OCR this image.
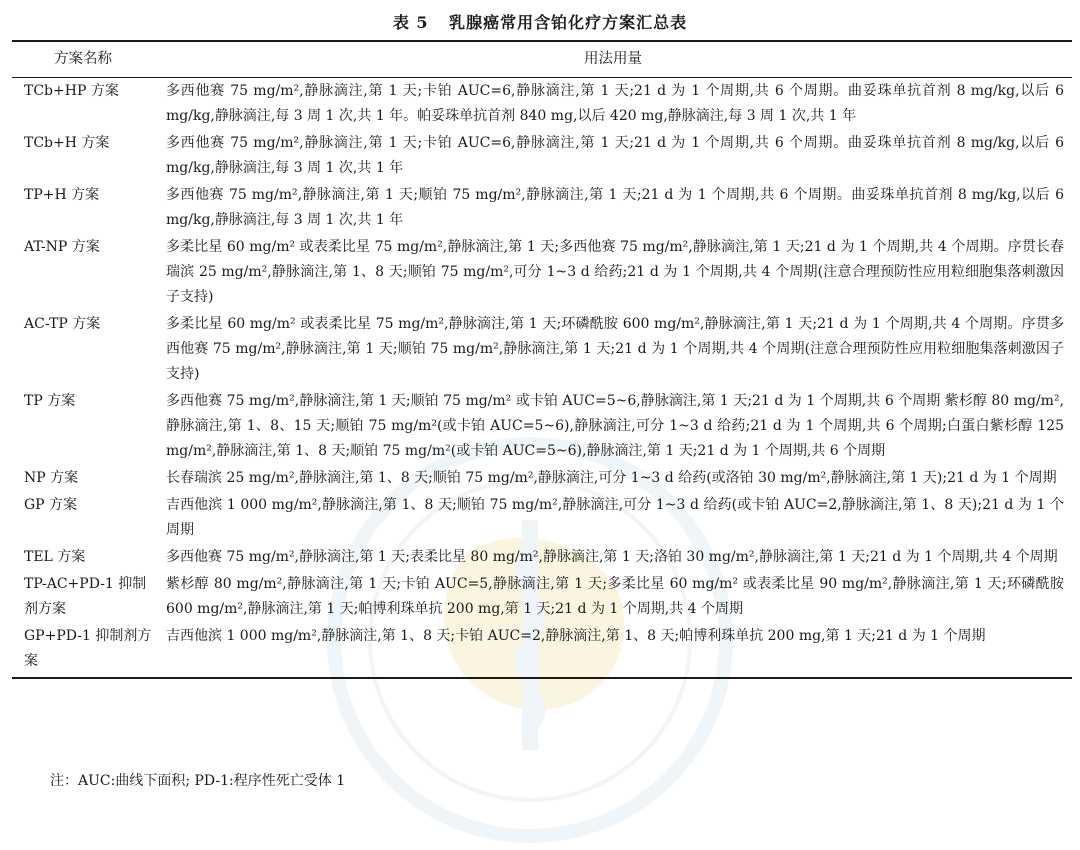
表 5 乳腺癌常用含铂化疗方案汇总表
方案名称	用法用量
TCb+HP 方案	多西他赛 75 mg/m²,静脉滴注,第 1 天;卡铂 AUC=6,静脉滴注,第 1 天;21 d 为 1 个周期,共 6 个周期。曲妥珠单抗首剂 8 mg/kg,以后 6 mg/kg,静脉滴注,每 3 周 1 次,共 1 年。帕妥珠单抗首剂 840 mg,以后 420 mg,静脉滴注,每 3 周 1 次,共 1 年
TCb+H 方案	多西他赛 75 mg/m²,静脉滴注,第 1 天;卡铂 AUC=6,静脉滴注,第 1 天;21 d 为 1 个周期,共 6 个周期。曲妥珠单抗首剂 8 mg/kg,以后 6 mg/kg,静脉滴注,每 3 周 1 次,共 1 年
TP+H 方案	多西他赛 75 mg/m²,静脉滴注,第 1 天;顺铂 75 mg/m²,静脉滴注,第 1 天;21 d 为 1 个周期,共 6 个周期。曲妥珠单抗首剂 8 mg/kg,以后 6 mg/kg,静脉滴注,每 3 周 1 次,共 1 年
AT-NP 方案	多柔比星 60 mg/m² 或表柔比星 75 mg/m²,静脉滴注,第 1 天;多西他赛 75 mg/m²,静脉滴注,第 1 天;21 d 为 1 个周期,共 4 个周期。序贯长春瑞滨 25 mg/m²,静脉滴注,第 1、8 天;顺铂 75 mg/m²,可分 1~3 d 给药;21 d 为 1 个周期,共 4 个周期(注意合理预防性应用粒细胞集落刺激因子支持)
AC-TP 方案	多柔比星 60 mg/m² 或表柔比星 75 mg/m²,静脉滴注,第 1 天;环磷酰胺 600 mg/m²,静脉滴注,第 1 天;21 d 为 1 个周期,共 4 个周期。序贯多西他赛 75 mg/m²,静脉滴注,第 1 天;顺铂 75 mg/m²,静脉滴注,第 1 天;21 d 为 1 个周期,共 4 个周期(注意合理预防性应用粒细胞集落刺激因子支持)
TP 方案	多西他赛 75 mg/m²,静脉滴注,第 1 天;顺铂 75 mg/m² 或卡铂 AUC=5~6,静脉滴注,第 1 天;21 d 为 1 个周期,共 6 个周期 紫杉醇 80 mg/m²,静脉滴注,第 1、8、15 天;顺铂 75 mg/m²(或卡铂 AUC=5~6),静脉滴注,可分 1~3 d 给药;21 d 为 1 个周期,共 6 个周期;白蛋白紫杉醇 125 mg/m²,静脉滴注,第 1、8 天;顺铂 75 mg/m²(或卡铂 AUC=5~6),静脉滴注,第 1 天;21 d 为 1 个周期,共 6 个周期
NP 方案	长春瑞滨 25 mg/m²,静脉滴注,第 1、8 天;顺铂 75 mg/m²,静脉滴注,可分 1~3 d 给药(或洛铂 30 mg/m²,静脉滴注,第 1 天);21 d 为 1 个周期
GP 方案	吉西他滨 1 000 mg/m²,静脉滴注,第 1、8 天;顺铂 75 mg/m²,静脉滴注,可分 1~3 d 给药(或卡铂 AUC=2,静脉滴注,第 1、8 天);21 d 为 1 个周期
TEL 方案	多西他赛 75 mg/m²,静脉滴注,第 1 天;表柔比星 80 mg/m²,静脉滴注,第 1 天;洛铂 30 mg/m²,静脉滴注,第 1 天;21 d 为 1 个周期,共 4 个周期
TP-AC+PD-1 抑制剂方案	紫杉醇 80 mg/m²,静脉滴注,第 1 天;卡铂 AUC=5,静脉滴注,第 1 天;多柔比星 60 mg/m² 或表柔比星 90 mg/m²,静脉滴注,第 1 天;环磷酰胺 600 mg/m²,静脉滴注,第 1 天;帕博利珠单抗 200 mg,第 1 天;21 d 为 1 个周期,共 4 个周期
GP+PD-1 抑制剂方案	吉西他滨 1 000 mg/m²,静脉滴注,第 1、8 天;卡铂 AUC=2,静脉滴注,第 1、8 天;帕博利珠单抗 200 mg,第 1 天;21 d 为 1 个周期
注：AUC:曲线下面积; PD-1:程序性死亡受体 1
